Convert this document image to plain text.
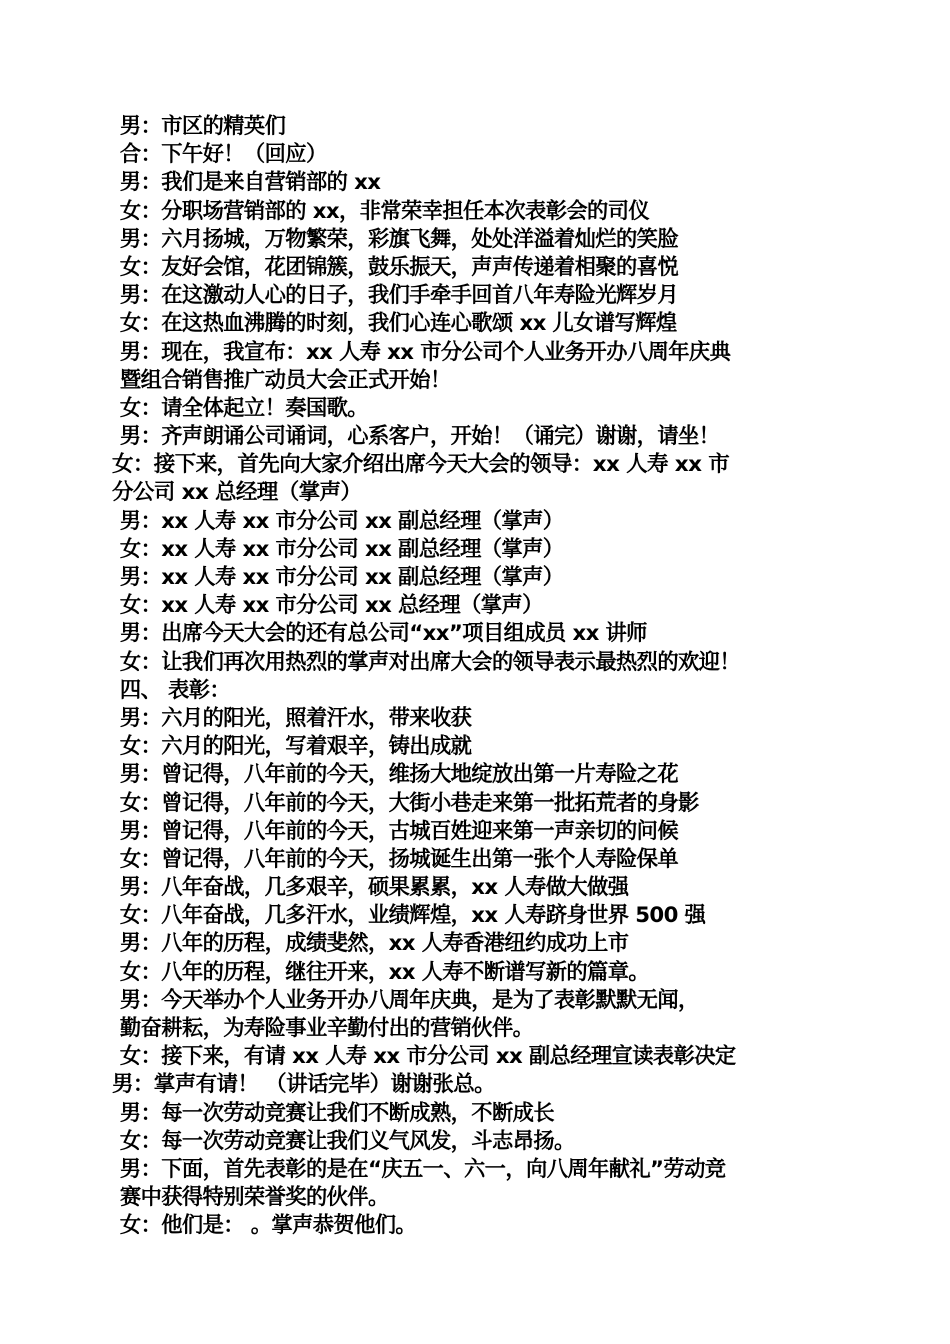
男：市区的精英们
合：下午好！（回应）
男：我们是来自营销部的 xx
女：分职场营销部的 xx，非常荣幸担任本次表彰会的司仪
男：六月扬城，万物繁荣，彩旗飞舞，处处洋溢着灿烂的笑脸
女：友好会馆，花团锦簇，鼓乐振天，声声传递着相聚的喜悦
男：在这激动人心的日子，我们手牵手回首八年寿险光辉岁月
女：在这热血沸腾的时刻，我们心连心歌颂 xx 儿女谱写辉煌
男：现在，我宣布：xx 人寿 xx 市分公司个人业务开办八周年庆典
暨组合销售推广动员大会正式开始！
女：请全体起立！奏国歌。
男：齐声朗诵公司诵词，心系客户，开始！（诵完）谢谢，请坐！
女：接下来，首先向大家介绍出席今天大会的领导：xx 人寿 xx 市
分公司 xx 总经理（掌声）
男：xx 人寿 xx 市分公司 xx 副总经理（掌声）
女：xx 人寿 xx 市分公司 xx 副总经理（掌声）
男：xx 人寿 xx 市分公司 xx 副总经理（掌声）
女：xx 人寿 xx 市分公司 xx 总经理（掌声）
男：出席今天大会的还有总公司“xx”项目组成员 xx 讲师
女：让我们再次用热烈的掌声对出席大会的领导表示最热烈的欢迎！
四、 表彰：
男：六月的阳光，照着汗水，带来收获
女：六月的阳光，写着艰辛，铸出成就
男：曾记得，八年前的今天，维扬大地绽放出第一片寿险之花
女：曾记得，八年前的今天，大街小巷走来第一批拓荒者的身影
男：曾记得，八年前的今天，古城百姓迎来第一声亲切的问候
女：曾记得，八年前的今天，扬城诞生出第一张个人寿险保单
男：八年奋战，几多艰辛，硕果累累，xx 人寿做大做强
女：八年奋战，几多汗水，业绩辉煌，xx 人寿跻身世界 500 强
男：八年的历程，成绩斐然，xx 人寿香港纽约成功上市
女：八年的历程，继往开来，xx 人寿不断谱写新的篇章。
男：今天举办个人业务开办八周年庆典，是为了表彰默默无闻，
勤奋耕耘，为寿险事业辛勤付出的营销伙伴。
女：接下来，有请 xx 人寿 xx 市分公司 xx 副总经理宣读表彰决定
男：掌声有请！ （讲话完毕）谢谢张总。
男：每一次劳动竞赛让我们不断成熟，不断成长
女：每一次劳动竞赛让我们义气风发，斗志昂扬。
男：下面，首先表彰的是在“庆五一、六一，向八周年献礼”劳动竞
赛中获得特别荣誉奖的伙伴。
女：他们是： 。掌声恭贺他们。
